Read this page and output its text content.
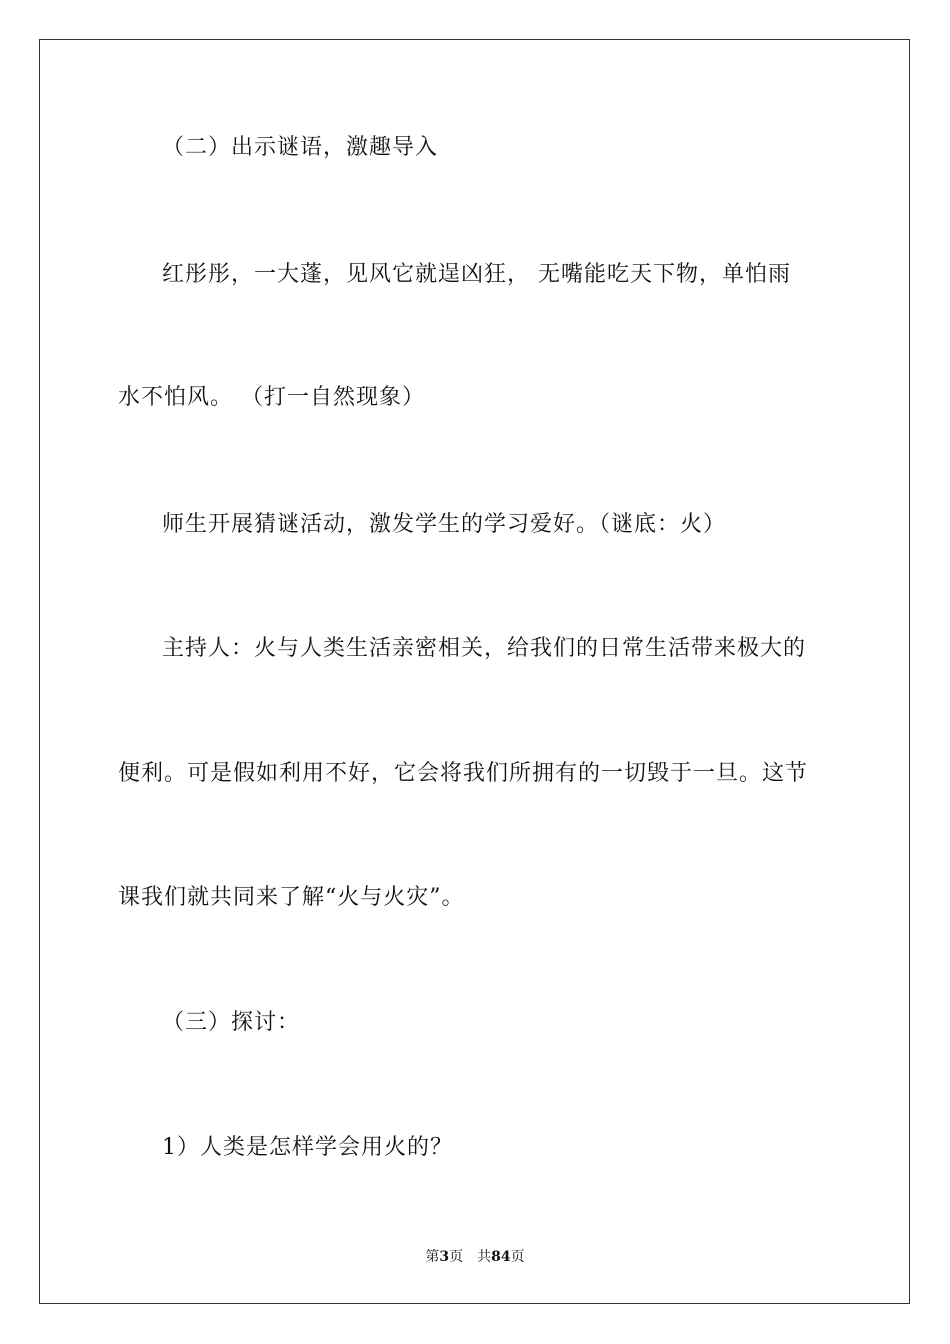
（二）出示谜语，激趣导入
红彤彤，一大蓬，见风它就逞凶狂， 无嘴能吃天下物，单怕雨
水不怕风。 （打一自然现象）
师生开展猜谜活动，激发学生的学习爱好。（谜底：火）
主持人：火与人类生活亲密相关，给我们的日常生活带来极大的
便利。可是假如利用不好，它会将我们所拥有的一切毁于一旦。这节
课我们就共同来了解“火与火灾”。
（三）探讨：
1）人类是怎样学会用火的？
第3页 共84页
